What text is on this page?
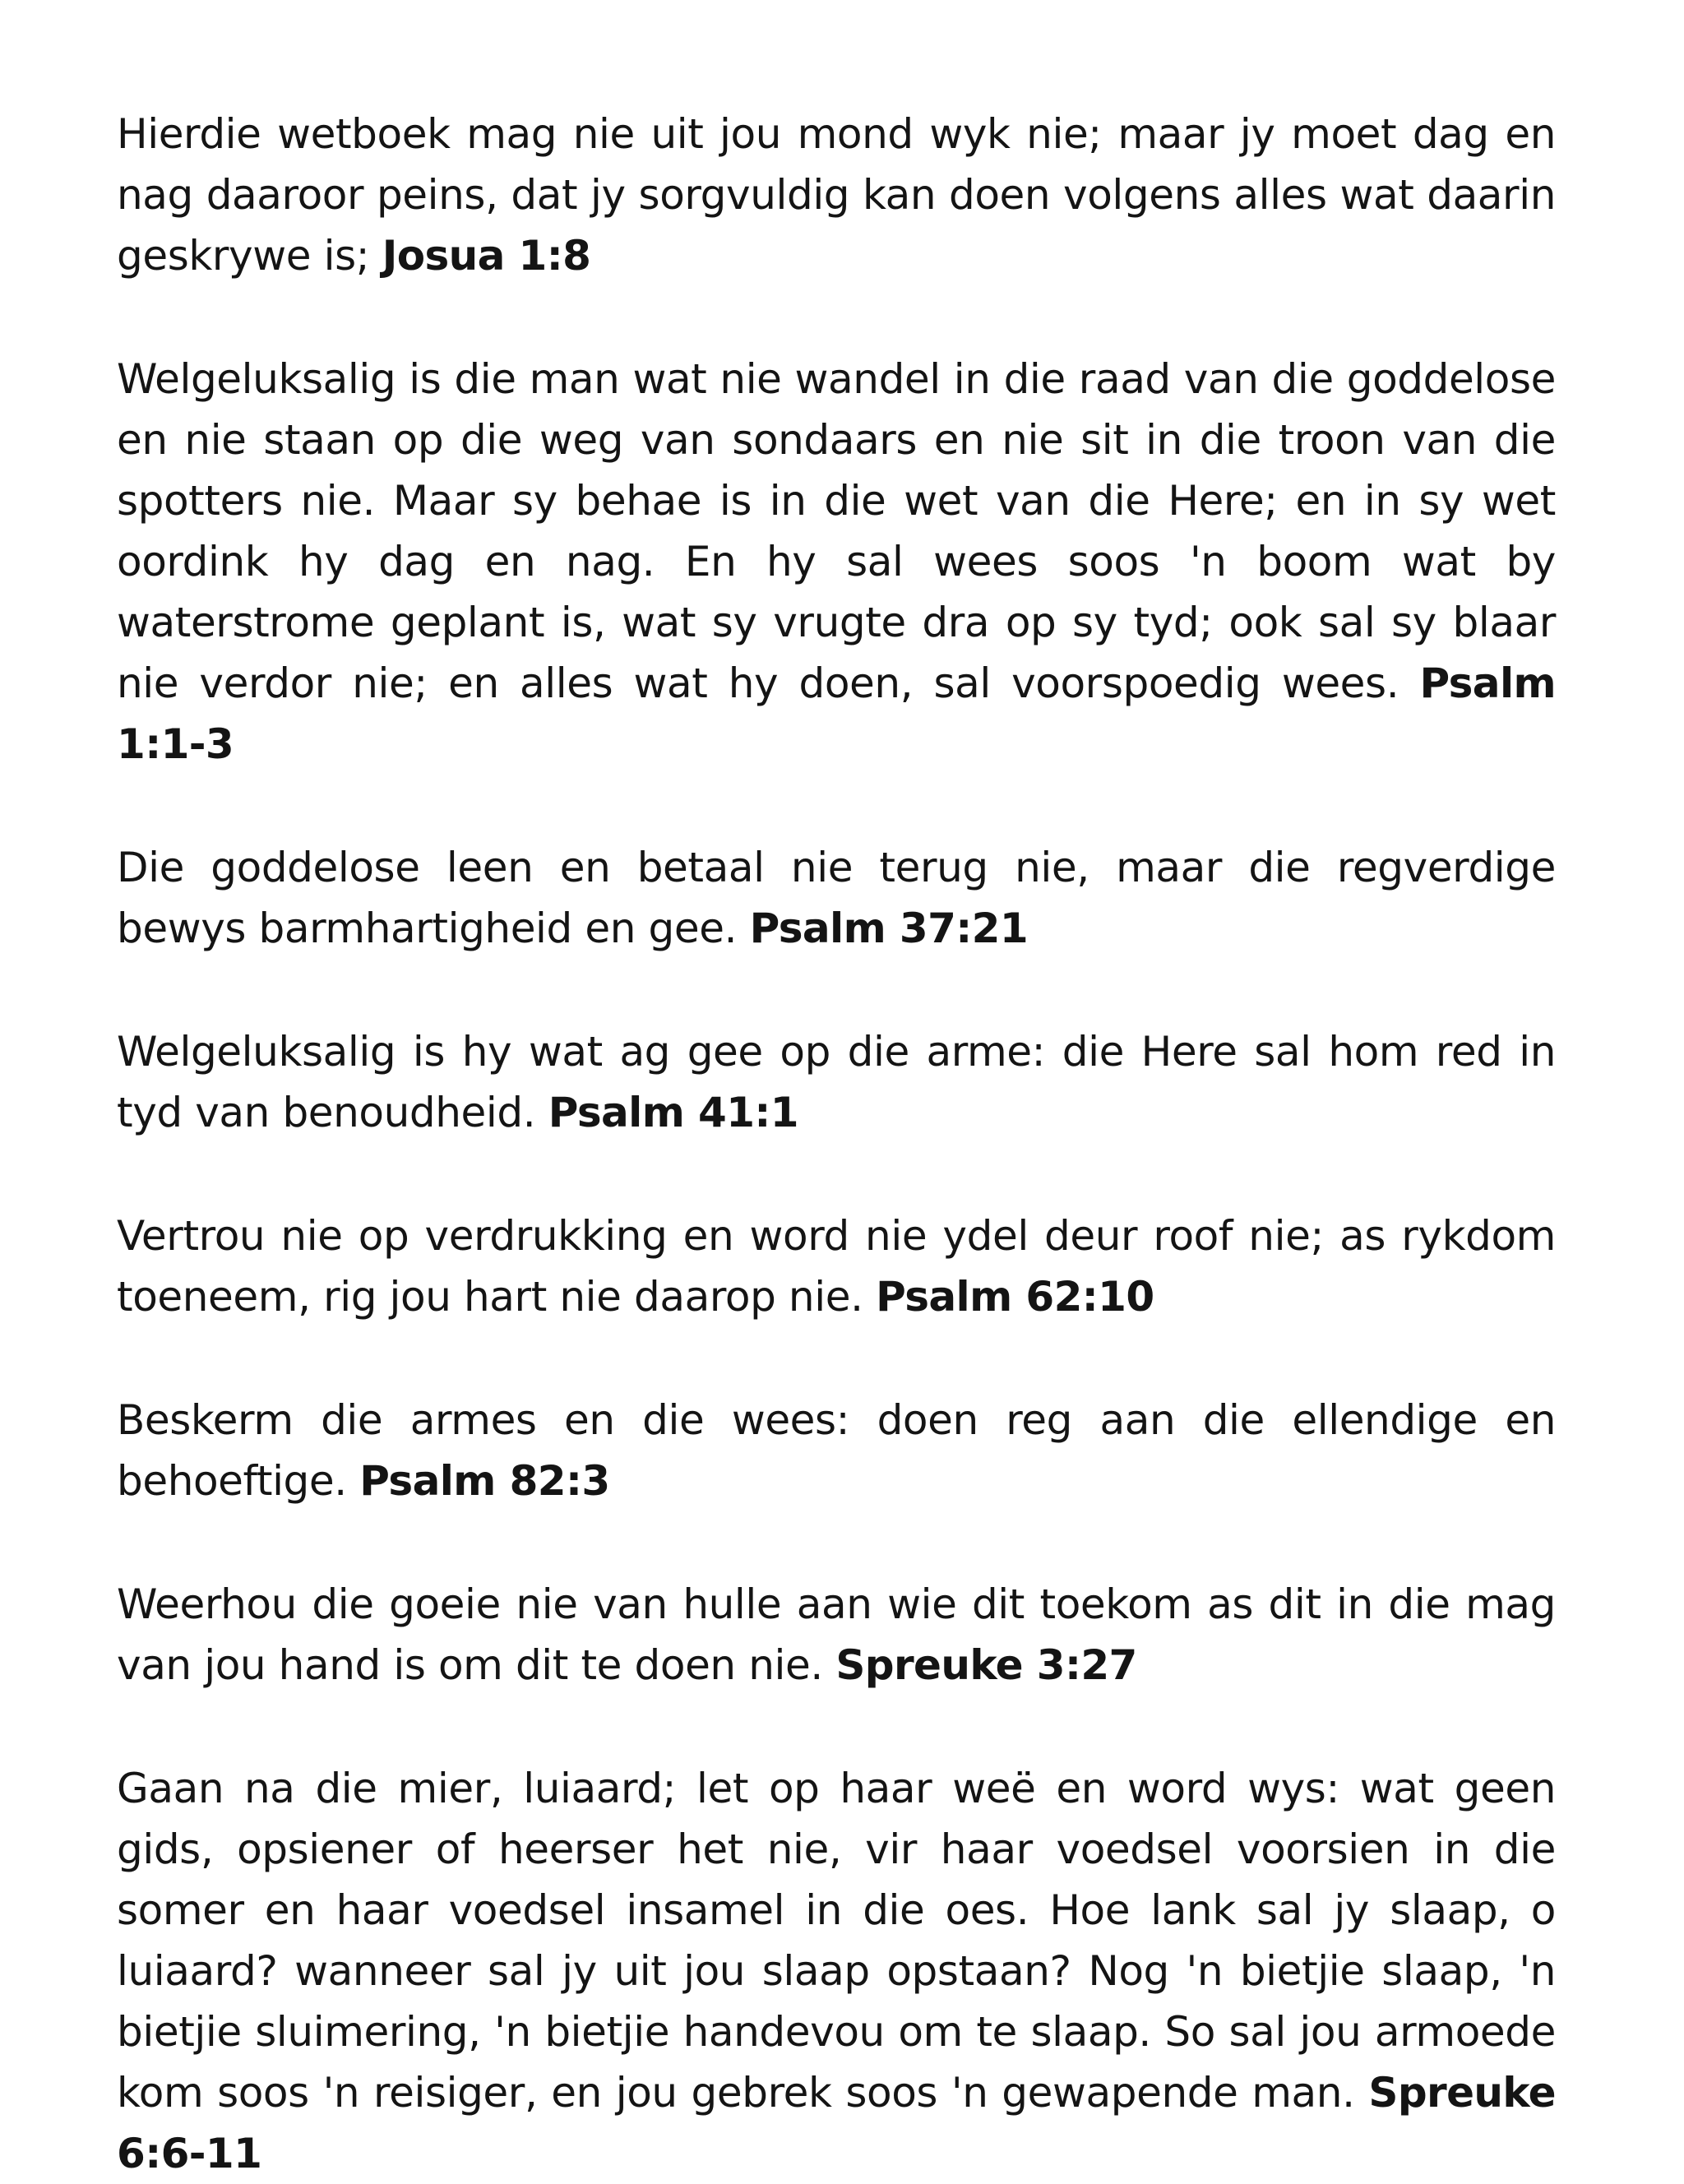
Hierdie wetboek mag nie uit jou mond wyk nie; maar jy moet dag en nag daaroor peins, dat jy sorgvuldig kan doen volgens alles wat daarin geskrywe is; Josua 1:8

Welgeluksalig is die man wat nie wandel in die raad van die goddelose en nie staan op die weg van sondaars en nie sit in die troon van die spotters nie. Maar sy behae is in die wet van die Here; en in sy wet oordink hy dag en nag. En hy sal wees soos 'n boom wat by waterstrome geplant is, wat sy vrugte dra op sy tyd; ook sal sy blaar nie verdor nie; en alles wat hy doen, sal voorspoedig wees. Psalm 1:1-3

Die goddelose leen en betaal nie terug nie, maar die regverdige bewys barmhartigheid en gee. Psalm 37:21

Welgeluksalig is hy wat ag gee op die arme: die Here sal hom red in tyd van benoudheid. Psalm 41:1

Vertrou nie op verdrukking en word nie ydel deur roof nie; as rykdom toeneem, rig jou hart nie daarop nie. Psalm 62:10

Beskerm die armes en die wees: doen reg aan die ellendige en behoeftige. Psalm 82:3

Weerhou die goeie nie van hulle aan wie dit toekom as dit in die mag van jou hand is om dit te doen nie. Spreuke 3:27

Gaan na die mier, luiaard; let op haar weë en word wys: wat geen gids, opsiener of heerser het nie, vir haar voedsel voorsien in die somer en haar voedsel insamel in die oes. Hoe lank sal jy slaap, o luiaard? wanneer sal jy uit jou slaap opstaan? Nog 'n bietjie slaap, 'n bietjie sluimering, 'n bietjie handevou om te slaap. So sal jou armoede kom soos 'n reisiger, en jou gebrek soos 'n gewapende man. Spreuke 6:6-11
